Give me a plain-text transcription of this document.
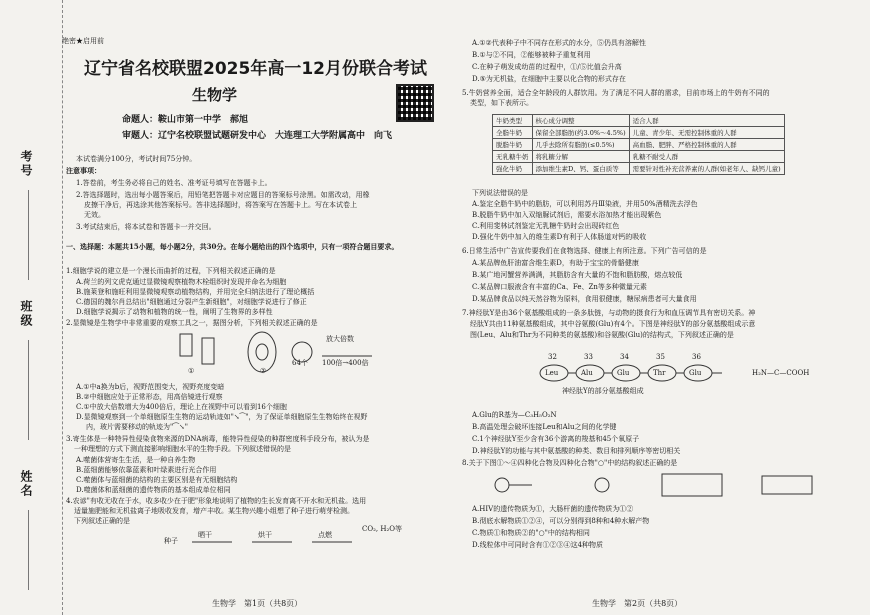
考号
班级
姓名
绝密★启用前
辽宁省名校联盟2025年高一12月份联合考试
生物学
命题人：鞍山市第一中学　郝旭
审题人：辽宁名校联盟试题研发中心　大连理工大学附属高中　向飞
本试卷满分100分，考试时间75分钟。
注意事项：
1.答卷前，考生务必将自己的姓名、准考证号填写在答题卡上。
2.答选择题时，选出每小题答案后，用铅笔把答题卡对应题目的答案标号涂黑。如需改动，用橡
皮擦干净后，再选涂其他答案标号。答非选择题时，将答案写在答题卡上。写在本试卷上
无效。
3.考试结束后，将本试卷和答题卡一并交回。
一、选择题：本题共15小题，每小题2分，共30分。在每小题给出的四个选项中，只有一项符合题目要求。
1.细胞学说的建立是一个漫长而曲折的过程，下列相关叙述正确的是
A.荷兰的列文虎克通过显微镜观察植物木栓组织时发现并命名为细胞
B.施莱登和施旺利用显微镜观察动植物结构，并用完全归纳法进行了理论概括
C.德国的魏尔肖总结出"细胞通过分裂产生新细胞"，对细胞学说进行了修正
D.细胞学说揭示了动物和植物的统一性，阐明了生物界的多样性
2.显微镜是生物学中非常重要的观察工具之一，据图分析，下列相关叙述正确的是
放大倍数
100倍→400倍
64个
①	②
A.①中a换为b后，视野范围变大，视野亮度变暗
B.②中细胞应处于正常形态，用高倍镜进行观察
C.①中放大倍数增大为400倍后，理论上在视野中可以看到16个细胞
D.显微镜观察到一个单细胞原生生物的运动轨迹如"↘⁀"，为了保证单细胞原生生物始终在视野
内，玻片需要移动的轨迹为"⁀↘"
3.寄生体是一种特异性侵染食物来源的DNA病毒，能特异性侵染的种群密度科手段分布，被认为是
一种理想的方式下测直接影响细胞水平的生物手段。下列叙述错误的是
A.噬菌体营寄生生活，是一种自养生物
B.蓝细菌能够依靠蓝素和叶绿素进行光合作用
C.噬菌体与蓝细菌的结构的主要区别是有无细胞结构
D.噬菌体和蓝细菌的遗传物质的基本组成单位相同
4.农谚"有收无收在于水，收多收少在于肥"形象地说明了植物的生长发育离不开水和无机盐。选用
适量施肥能和无机盐离子地吸收发育，增产丰收。某生物兴趣小组想了种子进行萌芽检测。
下列叙述正确的是
种子
晒干	烘干	点燃
CO₂, H₂O等
生物学　第1页（共8页）
A.①②代表种子中不同存在形式的水分，⑤仍具有溶解性
B.①与②不同，②能够被种子重复利用
C.在种子萌发成幼苗的过程中，①/⑤比值会升高
D.⑤为无机盐，在细胞中主要以化合物的形式存在
5.牛奶营养全面，适合全年龄段的人群饮用。为了满足不同人群的需求，目前市场上的牛奶有不同的
类型，如下表所示。
牛奶类型	核心成分调整	适合人群
全脂牛奶	保留全部脂肪(约3.0%～4.5%)	儿童、青少年、无需控制体重的人群
脱脂牛奶	几乎去除所有脂肪(≤0.5%)	高血脂、肥胖、严格控制体重的人群
无乳糖牛奶	将乳糖分解	乳糖不耐受人群
强化牛奶	添加维生素D、钙、蛋白质等	需要针对性补充营养素的人群(如老年人、缺钙儿童)
下列说法错误的是
A.鉴定全脂牛奶中的脂肪，可以利用苏丹Ⅲ染液，并用50%酒精洗去浮色
B.脱脂牛奶中加入双缩脲试剂后，需要水浴加热才能出现紫色
C.利用斐林试剂鉴定无乳糖牛奶时会出现砖红色
D.强化牛奶中加入的维生素D有利于人体肠道对钙的吸收
6.日常生活中广告宣传要我们在食物选择、健康上有所注意。下列广告可信的是
A.某品牌鱼肝油富含维生素D，有助于宝宝的骨骼健康
B.某广地河蟹营养满满，其脂肪含有大量的不饱和脂肪酸，熔点较低
C.某品牌口服液含有丰富的Ca、Fe、Zn等多种微量元素
D.某品牌食品以纯天然谷物为原料，食用很健康，糖尿病患者可大量食用
7.神经肽Y是由36个氨基酸组成的一条多肽链，与动物的摄食行为和血压调节具有密切关系。神
经肽Y共由11种氨基酸组成，其中谷氨酸(Glu)有4个。下图是神经肽Y的部分氨基酸组成示意
图(Leu、Alu和Thr为不同种类的氨基酸)和谷氨酸(Glu)的结构式，下列叙述正确的是
Leu	Alu	Glu	Thr	Glu
32	33	34	35	36
神经肽Y的部分氨基酸组成
H₂N—C—COOH
A.Glu的R基为—C₃H₅O₂N
B.高温处理会破坏连接Leu和Alu之间的化学键
C.1个神经肽Y至少含有36个游离的羧基和45个氧原子
D.神经肽Y的功能与其中氨基酸的种类、数目和排列顺序等密切相关
8.关于下图①～④四种化合物及四种化合物"○"中的结构叙述正确的是
A.HIV的遗传物质为①，大肠杆菌的遗传物质为①②
B.彻底水解物质①②④，可以分别得到8种和4种水解产物
C.物质①和物质②的"○"中的结构相同
D.线粒体中可同时含有①②③④这4种物质
生物学　第2页（共8页）
